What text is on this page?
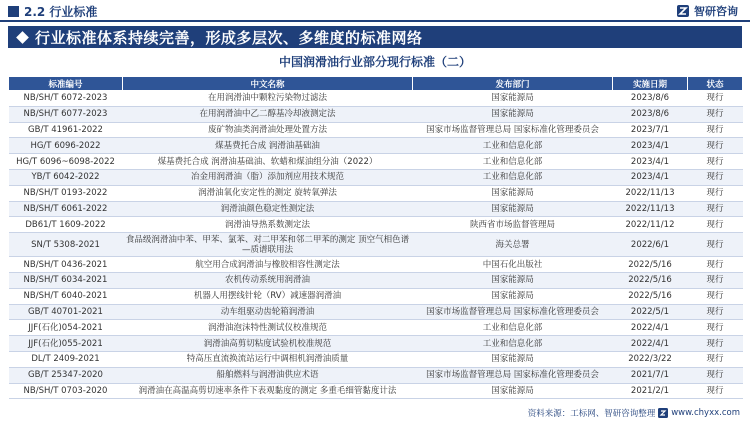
2.2 行业标准	智研咨询
行业标准体系持续完善，形成多层次、多维度的标准网络
中国润滑油行业部分现行标准（二）
标准编号	中文名称	发布部门	实施日期	状态
NB/SH/T 6072-2023	在用润滑油中颗粒污染物过滤法	国家能源局	2023/8/6	现行
NB/SH/T 6077-2023	在用润滑油中乙二醇基冷却液测定法	国家能源局	2023/8/6	现行
GB/T 41961-2022	废矿物油类润滑油处理处置方法	国家市场监督管理总局 国家标准化管理委员会	2023/7/1	现行
HG/T 6096-2022	煤基费托合成 润滑油基础油	工业和信息化部	2023/4/1	现行
HG/T 6096~6098-2022	煤基费托合成 润滑油基础油、软蜡和煤油组分油（2022）	工业和信息化部	2023/4/1	现行
YB/T 6042-2022	冶金用润滑油（脂）添加剂应用技术规范	工业和信息化部	2023/4/1	现行
NB/SH/T 0193-2022	润滑油氧化安定性的测定 旋转氧弹法	国家能源局	2022/11/13	现行
NB/SH/T 6061-2022	润滑油颜色稳定性测定法	国家能源局	2022/11/13	现行
DB61/T 1609-2022	润滑油导热系数测定法	陕西省市场监督管理局	2022/11/12	现行
SN/T 5308-2021	食品级润滑油中苯、甲苯、氯苯、对二甲苯和邻二甲苯的测定 顶空气相色谱—质谱联用法	海关总署	2022/6/1	现行
NB/SH/T 0436-2021	航空用合成润滑油与橡胶相容性测定法	中国石化出版社	2022/5/16	现行
NB/SH/T 6034-2021	农机传动系统用润滑油	国家能源局	2022/5/16	现行
NB/SH/T 6040-2021	机器人用摆线针轮（RV）减速器润滑油	国家能源局	2022/5/16	现行
GB/T 40701-2021	动车组驱动齿轮箱润滑油	国家市场监督管理总局 国家标准化管理委员会	2022/5/1	现行
JJF(石化)054-2021	润滑油泡沫特性测试仪校准规范	工业和信息化部	2022/4/1	现行
JJF(石化)055-2021	润滑油高剪切粘度试验机校准规范	工业和信息化部	2022/4/1	现行
DL/T 2409-2021	特高压直流换流站运行中调相机润滑油质量	国家能源局	2022/3/22	现行
GB/T 25347-2020	船舶燃料与润滑油供应术语	国家市场监督管理总局 国家标准化管理委员会	2021/7/1	现行
NB/SH/T 0703-2020	润滑油在高温高剪切速率条件下表观黏度的测定 多重毛细管黏度计法	国家能源局	2021/2/1	现行
资料来源：工标网、智研咨询整理 www.chyxx.com
